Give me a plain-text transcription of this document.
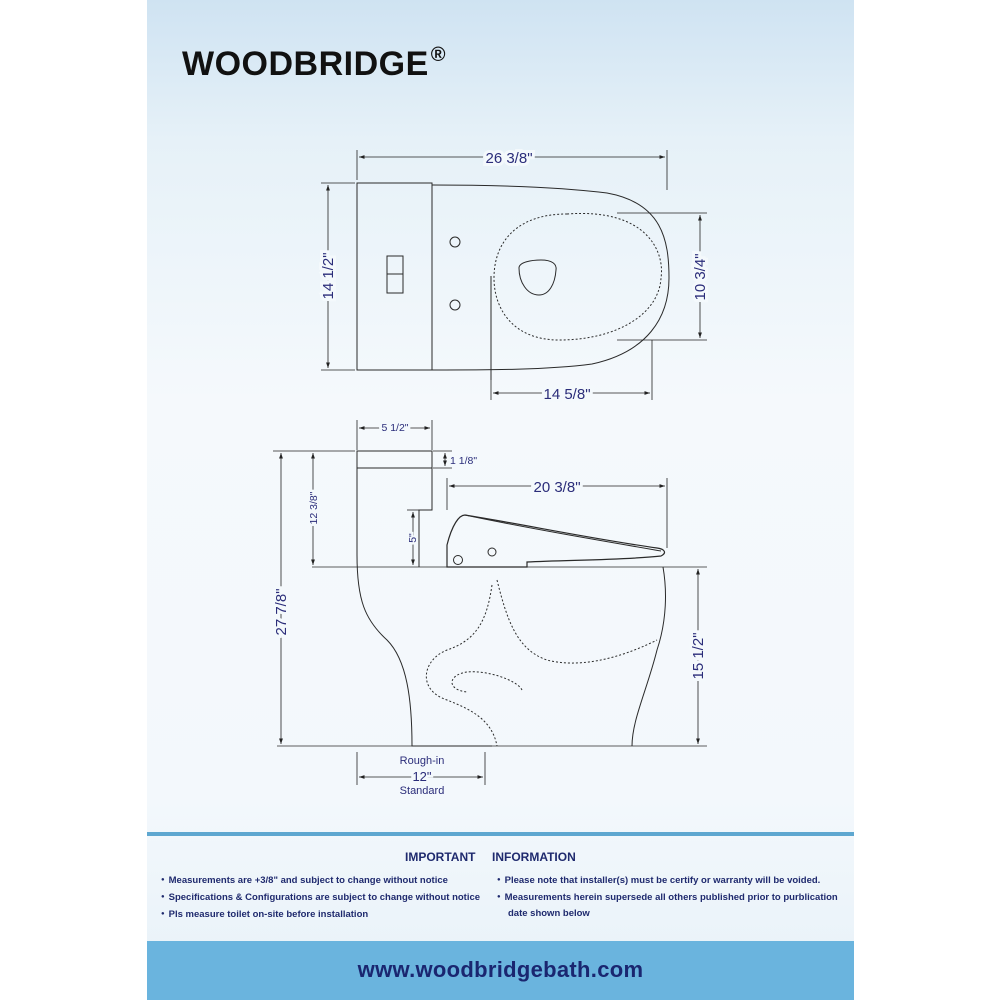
WOODBRIDGE ®
26 3/8"
14 1/2"	10 3/4"
14 5/8"
5 1/2"
1 1/8"
20 3/8"
12 3/8"
5"
27 7/8"
15 1/2"
Rough-in
12"
Standard
IMPORTANT INFORMATION
● Measurements are +3/8" and subject to change without notice
● Specifications & Configurations are subject to change without notice
● Pls measure toilet on-site before installation
● Please note that installer(s) must be certify or warranty will be voided.
● Measurements herein supersede all others published prior to purblication
date shown below
www.woodbridgebath.com
